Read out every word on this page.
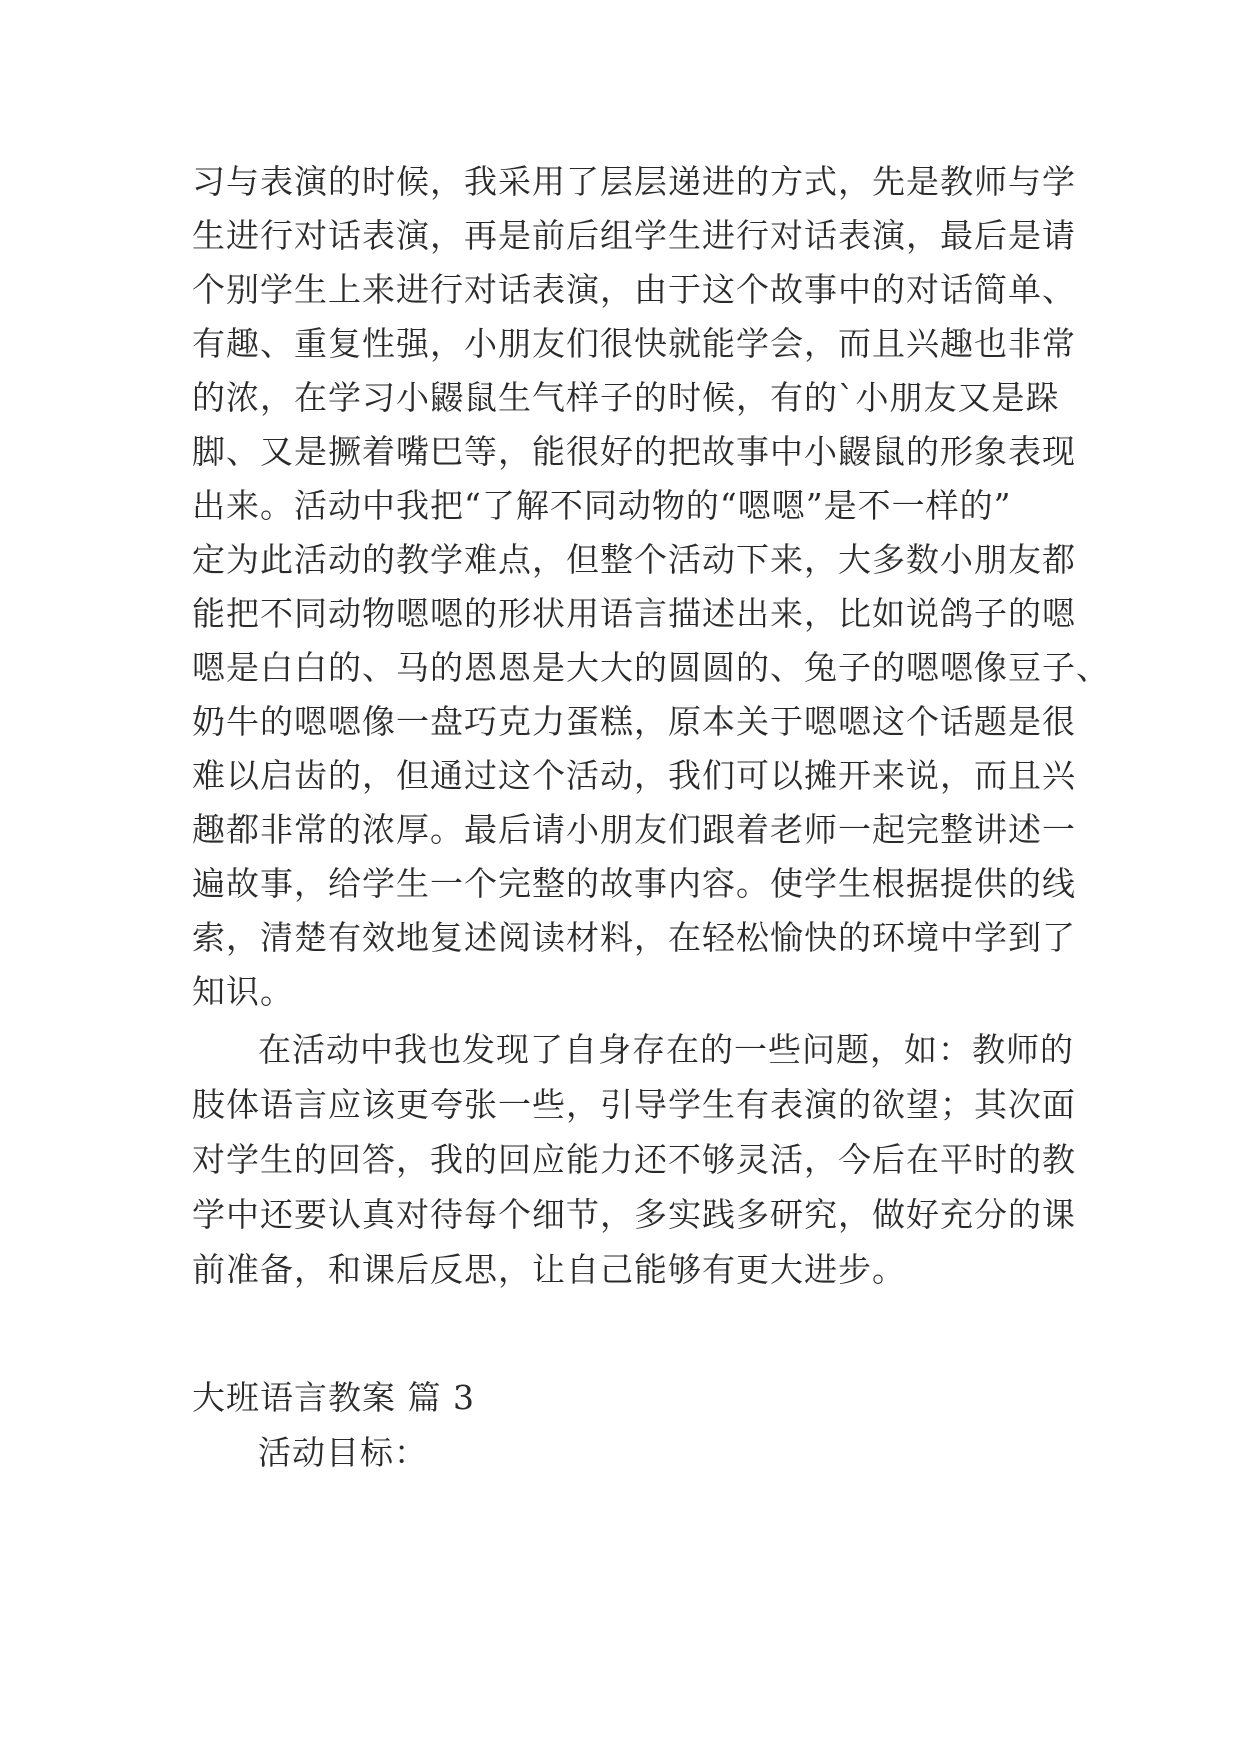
习与表演的时候，我采用了层层递进的方式，先是教师与学
生进行对话表演，再是前后组学生进行对话表演，最后是请
个别学生上来进行对话表演，由于这个故事中的对话简单、
有趣、重复性强，小朋友们很快就能学会，而且兴趣也非常
的浓，在学习小鼹鼠生气样子的时候，有的`小朋友又是跺
脚、又是撅着嘴巴等，能很好的把故事中小鼹鼠的形象表现
出来。活动中我把“了解不同动物的“嗯嗯”是不一样的”
定为此活动的教学难点，但整个活动下来，大多数小朋友都
能把不同动物嗯嗯的形状用语言描述出来，比如说鸽子的嗯
嗯是白白的、马的恩恩是大大的圆圆的、兔子的嗯嗯像豆子、
奶牛的嗯嗯像一盘巧克力蛋糕，原本关于嗯嗯这个话题是很
难以启齿的，但通过这个活动，我们可以摊开来说，而且兴
趣都非常的浓厚。最后请小朋友们跟着老师一起完整讲述一
遍故事，给学生一个完整的故事内容。使学生根据提供的线
索，清楚有效地复述阅读材料，在轻松愉快的环境中学到了
知识。
在活动中我也发现了自身存在的一些问题，如：教师的
肢体语言应该更夸张一些，引导学生有表演的欲望；其次面
对学生的回答，我的回应能力还不够灵活，今后在平时的教
学中还要认真对待每个细节，多实践多研究，做好充分的课
前准备，和课后反思，让自己能够有更大进步。
大班语言教案 篇 3
活动目标：
